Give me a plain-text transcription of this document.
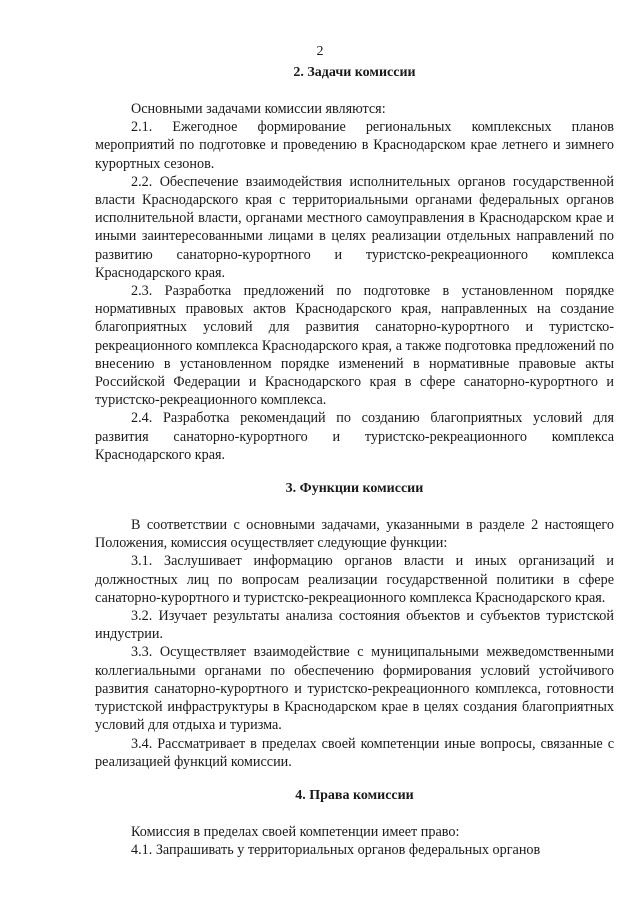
2
2. Задачи комиссии

Основными задачами комиссии являются:

2.1. Ежегодное формирование региональных комплексных планов мероприятий по подготовке и проведению в Краснодарском крае летнего и зимнего курортных сезонов.

2.2. Обеспечение взаимодействия исполнительных органов государственной власти Краснодарского края с территориальными органами федеральных органов исполнительной власти, органами местного самоуправления в Краснодарском крае и иными заинтересованными лицами в целях реализации отдельных направлений по развитию санаторно-курортного и туристско-рекреационного комплекса Краснодарского края.

2.3. Разработка предложений по подготовке в установленном порядке нормативных правовых актов Краснодарского края, направленных на создание благоприятных условий для развития санаторно-курортного и туристско-рекреационного комплекса Краснодарского края, а также подготовка предложений по внесению в установленном порядке изменений в нормативные правовые акты Российской Федерации и Краснодарского края в сфере санаторно-курортного и туристско-рекреационного комплекса.

2.4. Разработка рекомендаций по созданию благоприятных условий для развития санаторно-курортного и туристско-рекреационного комплекса Краснодарского края.

3. Функции комиссии

В соответствии с основными задачами, указанными в разделе 2 настоящего Положения, комиссия осуществляет следующие функции:

3.1. Заслушивает информацию органов власти и иных организаций и должностных лиц по вопросам реализации государственной политики в сфере санаторно-курортного и туристско-рекреационного комплекса Краснодарского края.

3.2. Изучает результаты анализа состояния объектов и субъектов туристской индустрии.

3.3. Осуществляет взаимодействие с муниципальными межведомственными коллегиальными органами по обеспечению формирования условий устойчивого развития санаторно-курортного и туристско-рекреационного комплекса, готовности туристской инфраструктуры в Краснодарском крае в целях создания благоприятных условий для отдыха и туризма.

3.4. Рассматривает в пределах своей компетенции иные вопросы, связанные с реализацией функций комиссии.

4. Права комиссии

Комиссия в пределах своей компетенции имеет право:

4.1. Запрашивать у территориальных органов федеральных органов
